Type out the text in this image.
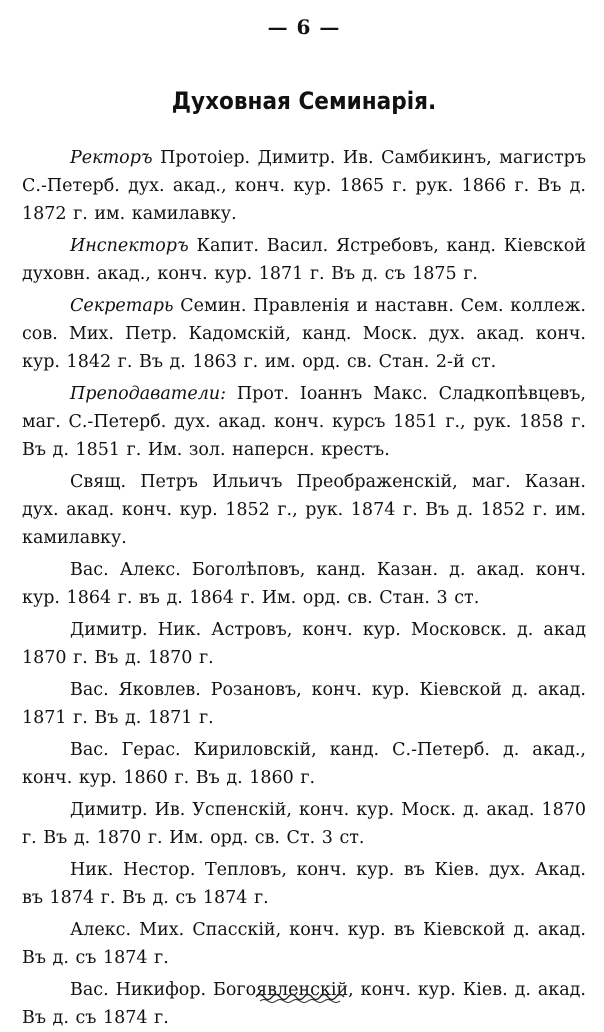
— 6 —
Духовная Семинарія.

Ректоръ Протоіер. Димитр. Ив. Самбикинъ, магистръ С.-Петерб. дух. акад., конч. кур. 1865 г. рук. 1866 г. Въ д. 1872 г. им. камилавку.

Инспекторъ Капит. Васил. Ястребовъ, канд. Кіевской духовн. акад., конч. кур. 1871 г. Въ д. съ 1875 г.

Секретарь Семин. Правленія и наставн. Сем. коллеж. сов. Мих. Петр. Кадомскій, канд. Моск. дух. акад. конч. кур. 1842 г. Въ д. 1863 г. им. орд. св. Стан. 2-й ст.

Преподаватели: Прот. Іоаннъ Макс. Сладкопѣвцевъ, маг. С.-Петерб. дух. акад. конч. курсъ 1851 г., рук. 1858 г. Въ д. 1851 г. Им. зол. наперсн. крестъ.

Свящ. Петръ Ильичъ Преображенскій, маг. Казан. дух. акад. конч. кур. 1852 г., рук. 1874 г. Въ д. 1852 г. им. камилавку.

Вас. Алекс. Боголѣповъ, канд. Казан. д. акад. конч. кур. 1864 г. въ д. 1864 г. Им. орд. св. Стан. 3 ст.

Димитр. Ник. Астровъ, конч. кур. Московск. д. акад 1870 г. Въ д. 1870 г.

Вас. Яковлев. Розановъ, конч. кур. Кіевской д. акад. 1871 г. Въ д. 1871 г.

Вас. Герас. Кириловскій, канд. С.-Петерб. д. акад., конч. кур. 1860 г. Въ д. 1860 г.

Димитр. Ив. Успенскій, конч. кур. Моск. д. акад. 1870 г. Въ д. 1870 г. Им. орд. св. Ст. 3 ст.

Ник. Нестор. Тепловъ, конч. кур. въ Кіев. дух. Акад. въ 1874 г. Въ д. съ 1874 г.

Алекс. Мих. Спасскій, конч. кур. въ Кіевской д. акад. Въ д. съ 1874 г.

Вас. Никифор. Богоявленскій, конч. кур. Кіев. д. акад. Въ д. съ 1874 г.
